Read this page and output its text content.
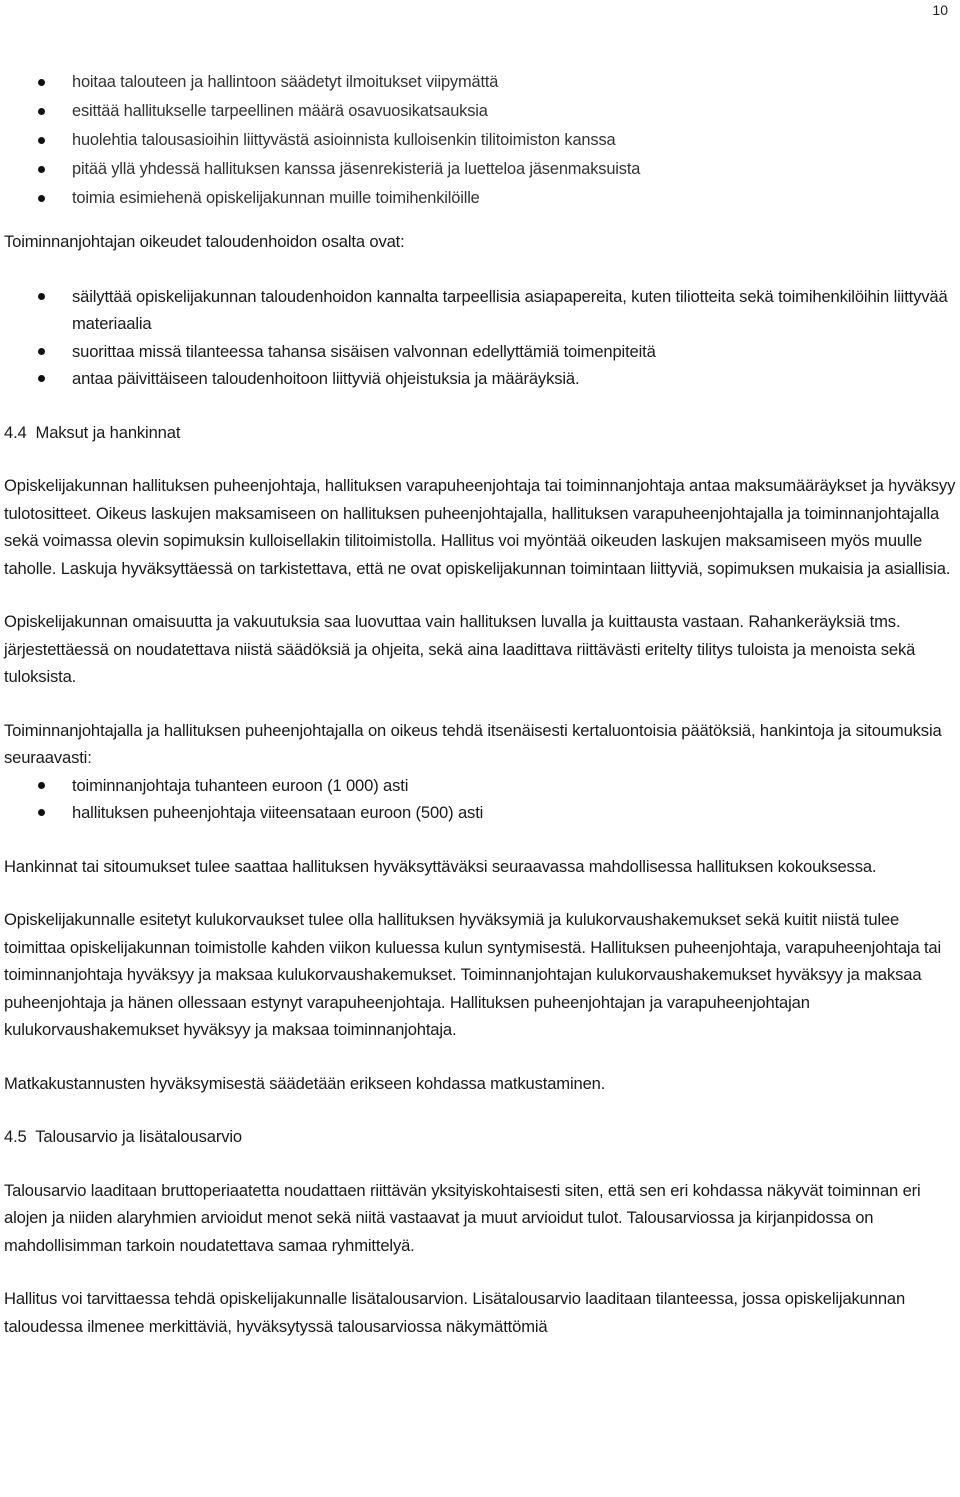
10
hoitaa talouteen ja hallintoon säädetyt ilmoitukset viipymättä
esittää hallitukselle tarpeellinen määrä osavuosikatsauksia
huolehtia talousasioihin liittyvästä asioinnista kulloisenkin tilitoimiston kanssa
pitää yllä yhdessä hallituksen kanssa jäsenrekisteriä ja luetteloa jäsenmaksuista
toimia esimiehenä opiskelijakunnan muille toimihenkilöille

Toiminnanjohtajan oikeudet taloudenhoidon osalta ovat:

säilyttää opiskelijakunnan taloudenhoidon kannalta tarpeellisia asiapapereita, kuten tiliotteita sekä toimihenkilöihin liittyvää materiaalia
suorittaa missä tilanteessa tahansa sisäisen valvonnan edellyttämiä toimenpiteitä
antaa päivittäiseen taloudenhoitoon liittyviä ohjeistuksia ja määräyksiä.

4.4  Maksut ja hankinnat

Opiskelijakunnan hallituksen puheenjohtaja, hallituksen varapuheenjohtaja tai toiminnanjohtaja antaa maksumääräykset ja hyväksyy tulotositteet. Oikeus laskujen maksamiseen on hallituksen puheenjohtajalla, hallituksen varapuheenjohtajalla ja toiminnanjohtajalla sekä voimassa olevin sopimuksin kulloisellakin tilitoimistolla. Hallitus voi myöntää oikeuden laskujen maksamiseen myös muulle taholle. Laskuja hyväksyttäessä on tarkistettava, että ne ovat opiskelijakunnan toimintaan liittyviä, sopimuksen mukaisia ja asiallisia.

Opiskelijakunnan omaisuutta ja vakuutuksia saa luovuttaa vain hallituksen luvalla ja kuittausta vastaan. Rahankeräyksiä tms. järjestettäessä on noudatettava niistä säädöksiä ja ohjeita, sekä aina laadittava riittävästi eritelty tilitys tuloista ja menoista sekä tuloksista.

Toiminnanjohtajalla ja hallituksen puheenjohtajalla on oikeus tehdä itsenäisesti kertaluontoisia päätöksiä, hankintoja ja sitoumuksia seuraavasti:

toiminnanjohtaja tuhanteen euroon (1 000) asti
hallituksen puheenjohtaja viiteensataan euroon (500) asti

Hankinnat tai sitoumukset tulee saattaa hallituksen hyväksyttäväksi seuraavassa mahdollisessa hallituksen kokouksessa.

Opiskelijakunnalle esitetyt kulukorvaukset tulee olla hallituksen hyväksymiä ja kulukorvaushakemukset sekä kuitit niistä tulee toimittaa opiskelijakunnan toimistolle kahden viikon kuluessa kulun syntymisestä. Hallituksen puheenjohtaja, varapuheenjohtaja tai toiminnanjohtaja hyväksyy ja maksaa kulukorvaushakemukset. Toiminnanjohtajan kulukorvaushakemukset hyväksyy ja maksaa puheenjohtaja ja hänen ollessaan estynyt varapuheenjohtaja. Hallituksen puheenjohtajan ja varapuheenjohtajan kulukorvaushakemukset hyväksyy ja maksaa toiminnanjohtaja.

Matkakustannusten hyväksymisestä säädetään erikseen kohdassa matkustaminen.

4.5  Talousarvio ja lisätalousarvio

Talousarvio laaditaan bruttoperiaatetta noudattaen riittävän yksityiskohtaisesti siten, että sen eri kohdassa näkyvät toiminnan eri alojen ja niiden alaryhmien arvioidut menot sekä niitä vastaavat ja muut arvioidut tulot. Talousarviossa ja kirjanpidossa on mahdollisimman tarkoin noudatettava samaa ryhmittelyä.

Hallitus voi tarvittaessa tehdä opiskelijakunnalle lisätalousarvion. Lisätalousarvio laaditaan tilanteessa, jossa opiskelijakunnan taloudessa ilmenee merkittäviä, hyväksytyssä talousarviossa näkymättömiä
